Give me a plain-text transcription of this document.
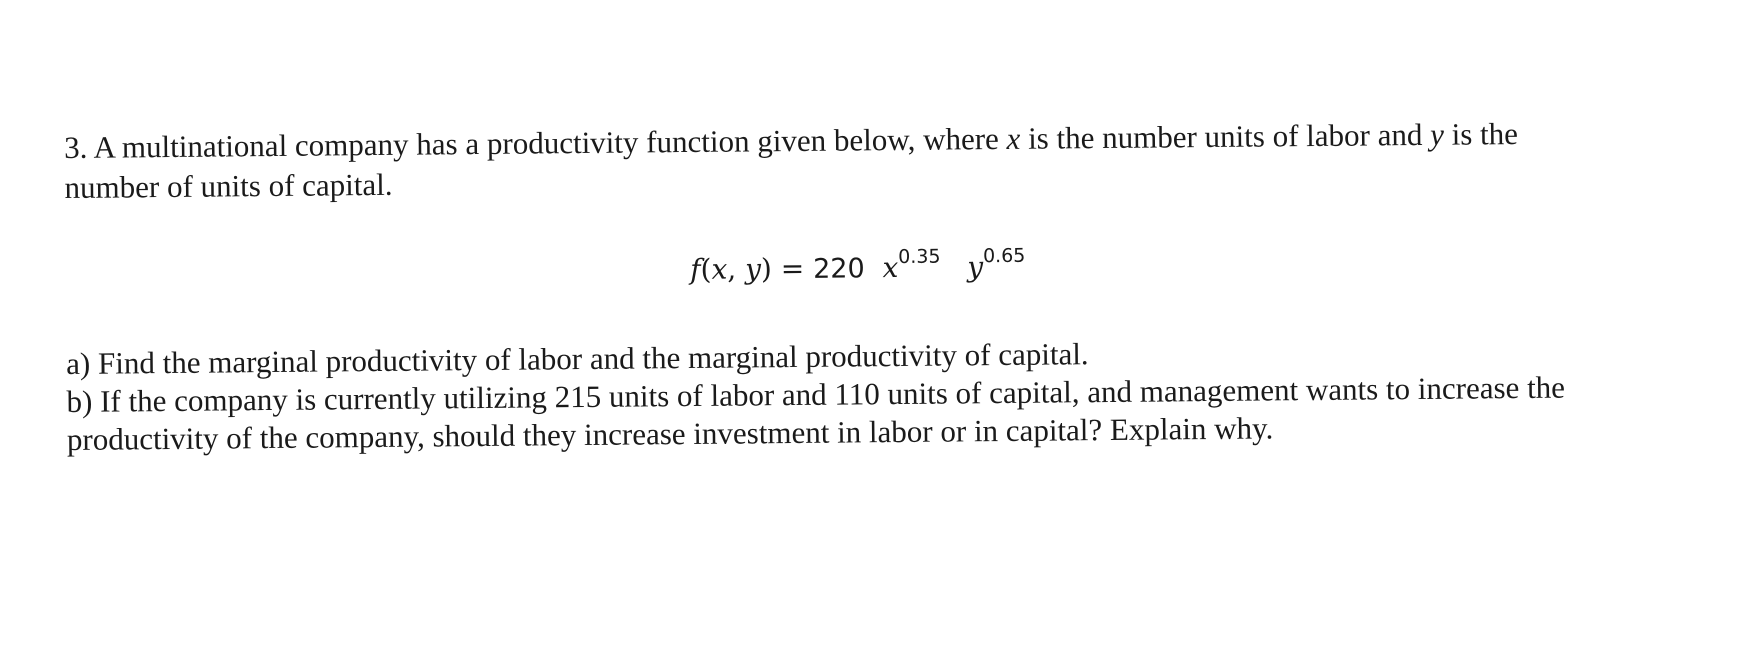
3. A multinational company has a productivity function given below, where x is the number units of labor and y is the
number of units of capital.
f(x, y) = 220 $x^{0.35}$ $y^{0.65}$
a) Find the marginal productivity of labor and the marginal productivity of capital.
b) If the company is currently utilizing 215 units of labor and 110 units of capital, and management wants to increase the
productivity of the company, should they increase investment in labor or in capital? Explain why.
